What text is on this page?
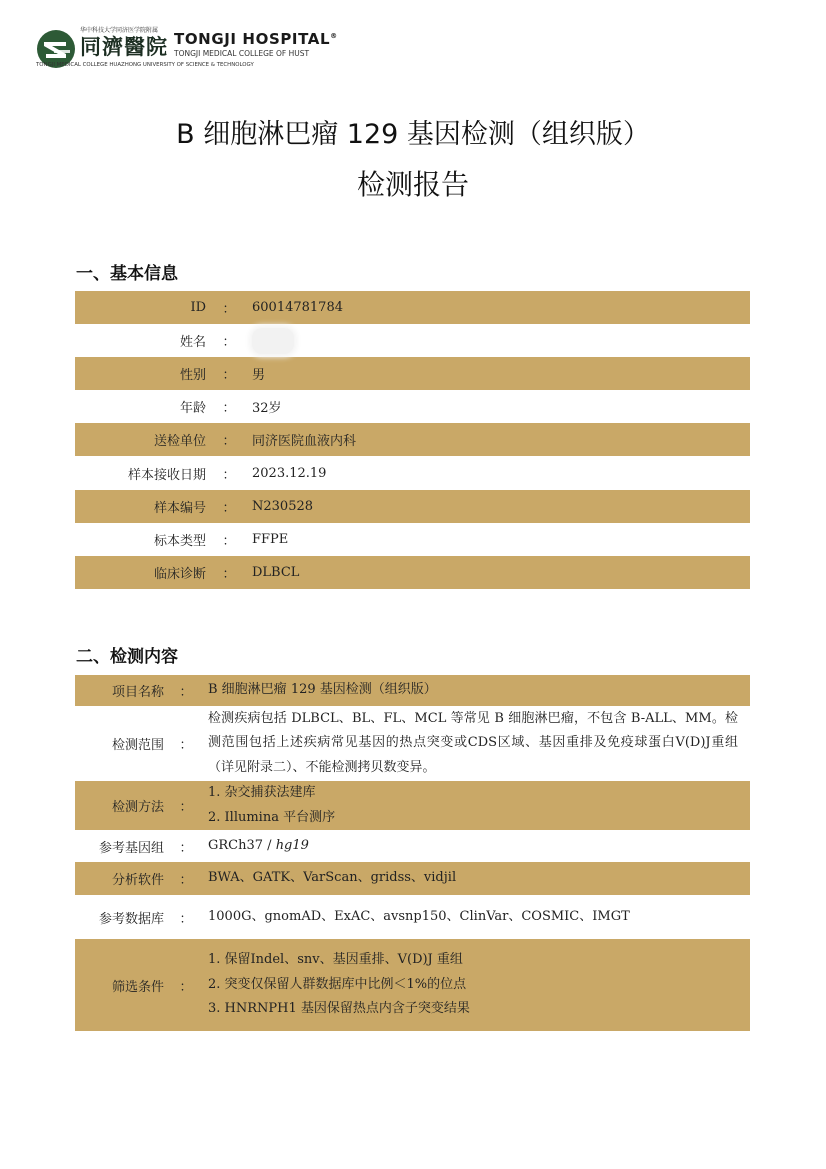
华中科技大学同济医学院附属
同濟醫院 TONGJI HOSPITAL®
TONGJI MEDICAL COLLEGE OF HUST
TONGJI MEDICAL COLLEGE HUAZHONG UNIVERSITY OF SCIENCE & TECHNOLOGY
B 细胞淋巴瘤 129 基因检测（组织版）
检测报告
一、基本信息
ID	：	60014781784
姓名	：
性别	：	男
年龄	：	32岁
送检单位	：	同济医院血液内科
样本接收日期	：	2023.12.19
样本编号	：	N230528
标本类型	：	FFPE
临床诊断	：	DLBCL
二、检测内容
项目名称	：	B 细胞淋巴瘤 129 基因检测（组织版）
检测范围	：
检测疾病包括 DLBCL、BL、FL、MCL 等常见 B 细胞淋巴瘤，不包含 B-ALL、MM。检测范围包括上述疾病常见基因的热点突变或CDS区域、基因重排及免疫球蛋白V(D)J重组（详见附录二）、不能检测拷贝数变异。
检测方法	：
1. 杂交捕获法建库
2. Illumina 平台测序
参考基因组	：	GRCh37 / hg19
分析软件	：	BWA、GATK、VarScan、gridss、vidjil
参考数据库	：	1000G、gnomAD、ExAC、avsnp150、ClinVar、COSMIC、IMGT
筛选条件	：
1. 保留Indel、snv、基因重排、V(D)J 重组
2. 突变仅保留人群数据库中比例＜1%的位点
3. HNRNPH1 基因保留热点内含子突变结果
